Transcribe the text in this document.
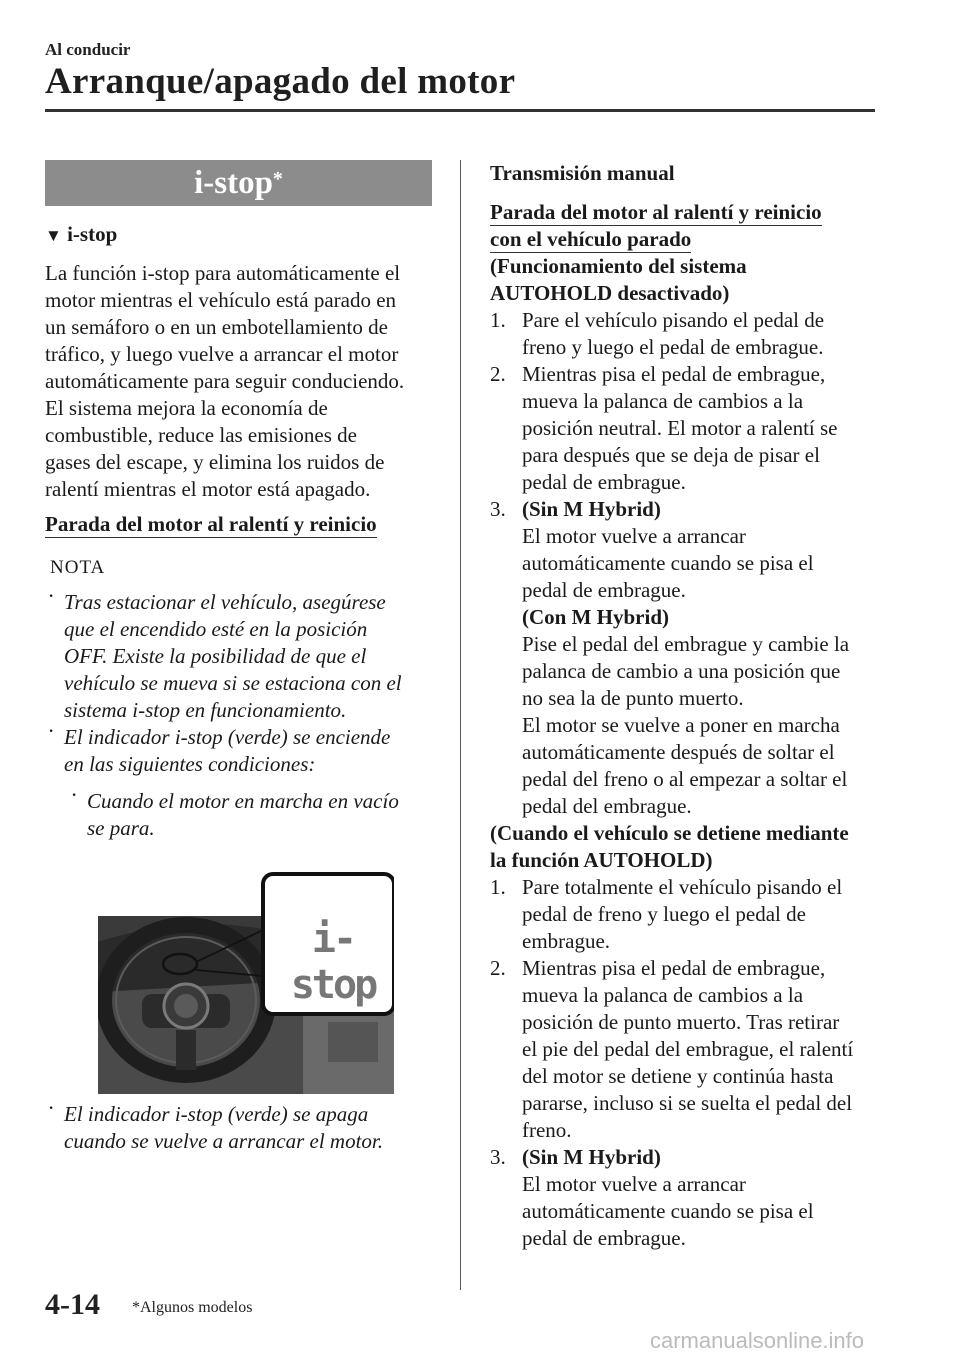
Al conducir
Arranque/apagado del motor
i-stop*

▼ i-stop

La función i-stop para automáticamente el

motor mientras el vehículo está parado en

un semáforo o en un embotellamiento de

tráfico, y luego vuelve a arrancar el motor

automáticamente para seguir conduciendo.

El sistema mejora la economía de

combustible, reduce las emisiones de

gases del escape, y elimina los ruidos de

ralentí mientras el motor está apagado.

Parada del motor al ralentí y reinicio

NOTA

· Tras estacionar el vehículo, asegúrese

que el encendido esté en la posición

OFF. Existe la posibilidad de que el

vehículo se mueva si se estaciona con el

sistema i-stop en funcionamiento.

· El indicador i-stop (verde) se enciende

en las siguientes condiciones:

· Cuando el motor en marcha en vacío

se para.

i-stop

· El indicador i-stop (verde) se apaga

cuando se vuelve a arrancar el motor.

Transmisión manual

Parada del motor al ralentí y reinicio
con el vehículo parado

(Funcionamiento del sistema

AUTOHOLD desactivado)

1. Pare el vehículo pisando el pedal de

freno y luego el pedal de embrague.

2. Mientras pisa el pedal de embrague,

mueva la palanca de cambios a la

posición neutral. El motor a ralentí se

para después que se deja de pisar el

pedal de embrague.

3. (Sin M Hybrid)

El motor vuelve a arrancar

automáticamente cuando se pisa el

pedal de embrague.

(Con M Hybrid)

Pise el pedal del embrague y cambie la

palanca de cambio a una posición que

no sea la de punto muerto.

El motor se vuelve a poner en marcha

automáticamente después de soltar el

pedal del freno o al empezar a soltar el

pedal del embrague.

(Cuando el vehículo se detiene mediante

la función AUTOHOLD)

1. Pare totalmente el vehículo pisando el

pedal de freno y luego el pedal de

embrague.

2. Mientras pisa el pedal de embrague,

mueva la palanca de cambios a la

posición de punto muerto. Tras retirar

el pie del pedal del embrague, el ralentí

del motor se detiene y continúa hasta

pararse, incluso si se suelta el pedal del

freno.

3. (Sin M Hybrid)

El motor vuelve a arrancar

automáticamente cuando se pisa el

pedal de embrague.

4-14 *Algunos modelos
carmanualsonline.info
